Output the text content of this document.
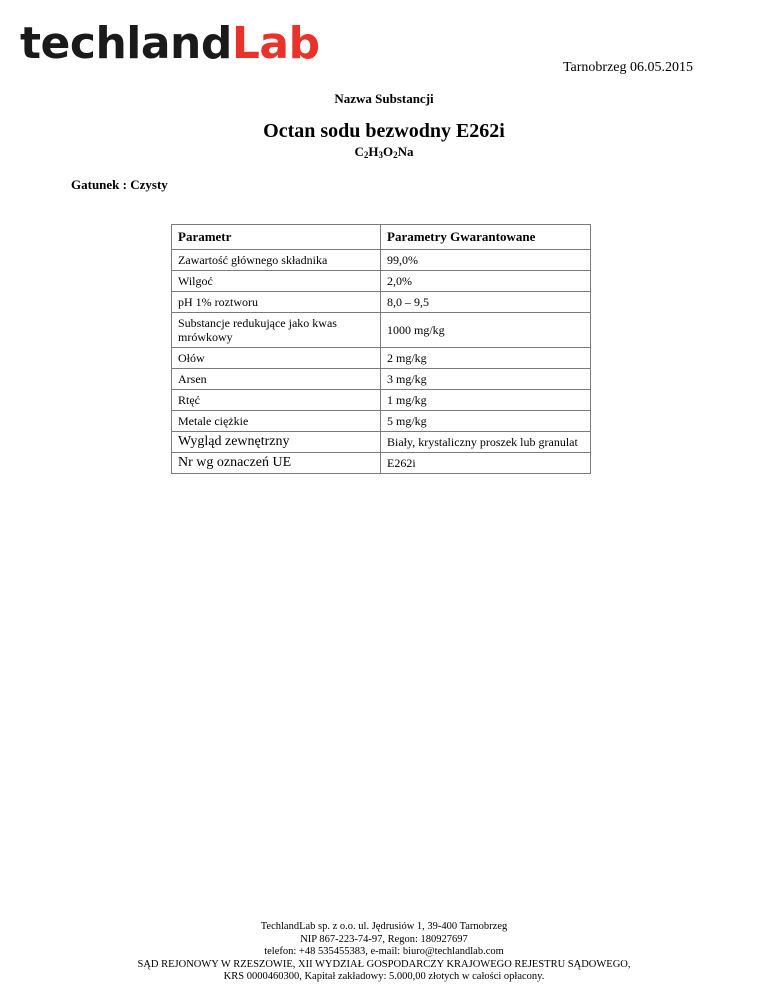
techlandLab	Tarnobrzeg 06.05.2015
Nazwa Substancji
Octan sodu bezwodny E262i
$C_2H_3O_2Na$
Gatunek : Czysty
Parametr	Parametry Gwarantowane
Zawartość głównego składnika	99,0%
Wilgoć	2,0%
pH 1% roztworu	8,0 – 9,5
Substancje redukujące jako kwas mrówkowy	1000 mg/kg
Ołów	2 mg/kg
Arsen	3 mg/kg
Rtęć	1 mg/kg
Metale ciężkie	5 mg/kg
Wygląd zewnętrzny	Biały, krystaliczny proszek lub granulat
Nr wg oznaczeń UE	E262i
TechlandLab sp. z o.o. ul. Jędrusiów 1, 39-400 Tarnobrzeg
NIP 867-223-74-97, Regon: 180927697
telefon: +48 535455383, e-mail: biuro@techlandlab.com
SĄD REJONOWY W RZESZOWIE, XII WYDZIAŁ GOSPODARCZY KRAJOWEGO REJESTRU SĄDOWEGO,
KRS 0000460300, Kapitał zakładowy: 5.000,00 złotych w całości opłacony.
